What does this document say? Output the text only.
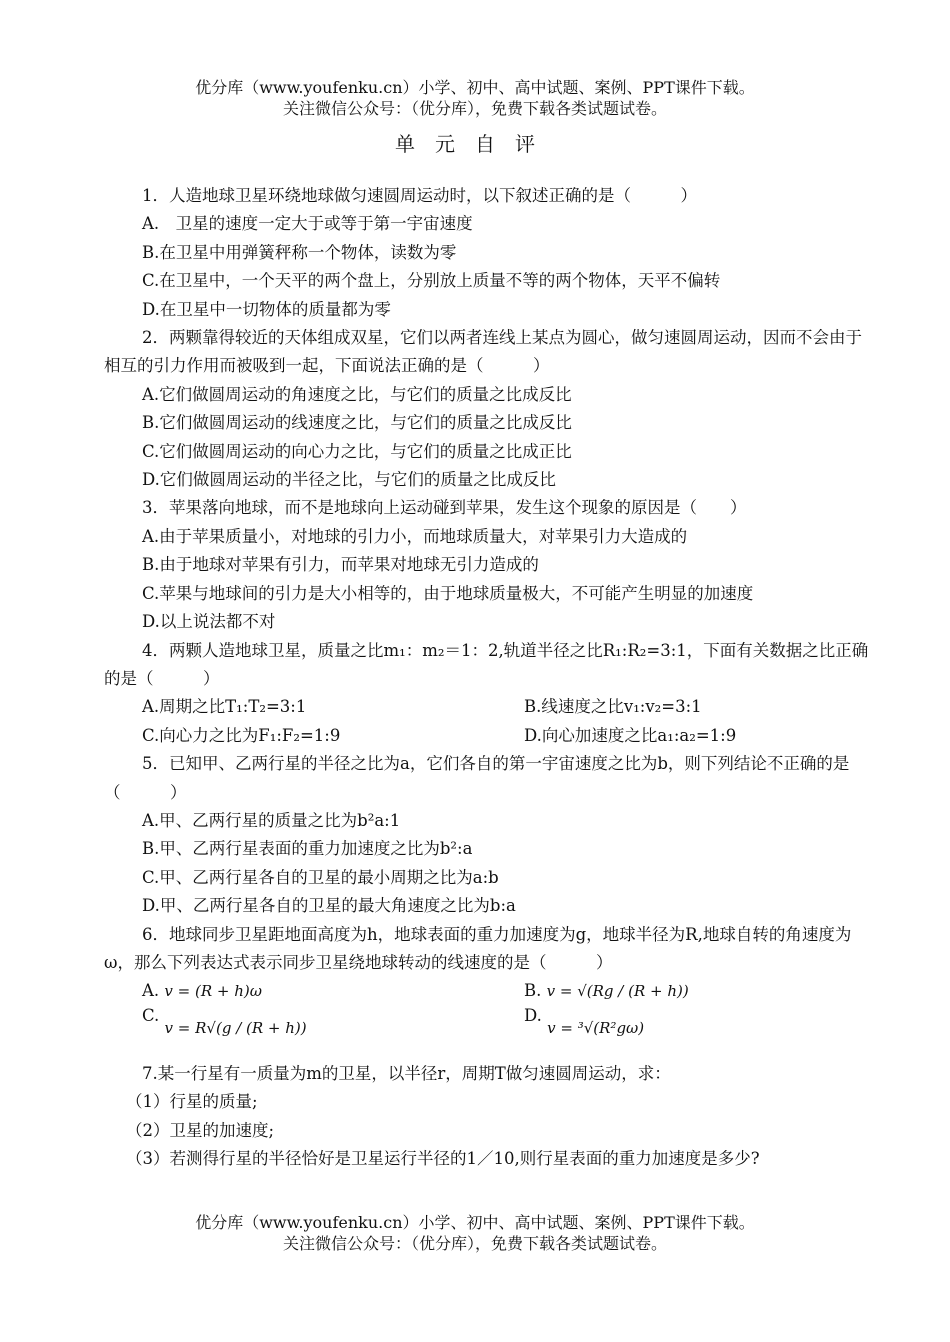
优分库（www.youfenku.cn）小学、初中、高中试题、案例、PPT课件下载。
关注微信公众号：（优分库），免费下载各类试题试卷。
单元自评

1．人造地球卫星环绕地球做匀速圆周运动时，以下叙述正确的是（　　　）

A.　卫星的速度一定大于或等于第一宇宙速度

B.在卫星中用弹簧秤称一个物体，读数为零

C.在卫星中，一个天平的两个盘上，分别放上质量不等的两个物体，天平不偏转

D.在卫星中一切物体的质量都为零

2．两颗靠得较近的天体组成双星，它们以两者连线上某点为圆心，做匀速圆周运动，因而不会由于相互的引力作用而被吸到一起，下面说法正确的是（　　　）

A.它们做圆周运动的角速度之比，与它们的质量之比成反比

B.它们做圆周运动的线速度之比，与它们的质量之比成反比

C.它们做圆周运动的向心力之比，与它们的质量之比成正比

D.它们做圆周运动的半径之比，与它们的质量之比成反比

3．苹果落向地球，而不是地球向上运动碰到苹果，发生这个现象的原因是（　　）

A.由于苹果质量小，对地球的引力小，而地球质量大，对苹果引力大造成的

B.由于地球对苹果有引力，而苹果对地球无引力造成的

C.苹果与地球间的引力是大小相等的，由于地球质量极大，不可能产生明显的加速度

D.以上说法都不对

4．两颗人造地球卫星，质量之比m₁：m₂＝1：2,轨道半径之比R₁:R₂=3:1，下面有关数据之比正确的是（　　　）

A.周期之比T₁:T₂=3:1	B.线速度之比v₁:v₂=3:1
C.向心力之比为F₁:F₂=1:9	D.向心加速度之比a₁:a₂=1:9

5．已知甲、乙两行星的半径之比为a，它们各自的第一宇宙速度之比为b，则下列结论不正确的是（　　　）

A.甲、乙两行星的质量之比为b²a:1

B.甲、乙两行星表面的重力加速度之比为b²:a

C.甲、乙两行星各自的卫星的最小周期之比为a:b

D.甲、乙两行星各自的卫星的最大角速度之比为b:a

6．地球同步卫星距地面高度为h，地球表面的重力加速度为g，地球半径为R,地球自转的角速度为ω，那么下列表达式表示同步卫星绕地球转动的线速度的是（　　　）

A. v = (R + h)ω	B. v = √(Rg / (R + h))
C. v = R√(g / (R + h))
D. v = ³√(R²gω)

7.某一行星有一质量为m的卫星，以半径r，周期T做匀速圆周运动，求：

（1）行星的质量;

（2）卫星的加速度;

（3）若测得行星的半径恰好是卫星运行半径的1／10,则行星表面的重力加速度是多少?

优分库（www.youfenku.cn）小学、初中、高中试题、案例、PPT课件下载。
关注微信公众号：（优分库），免费下载各类试题试卷。
